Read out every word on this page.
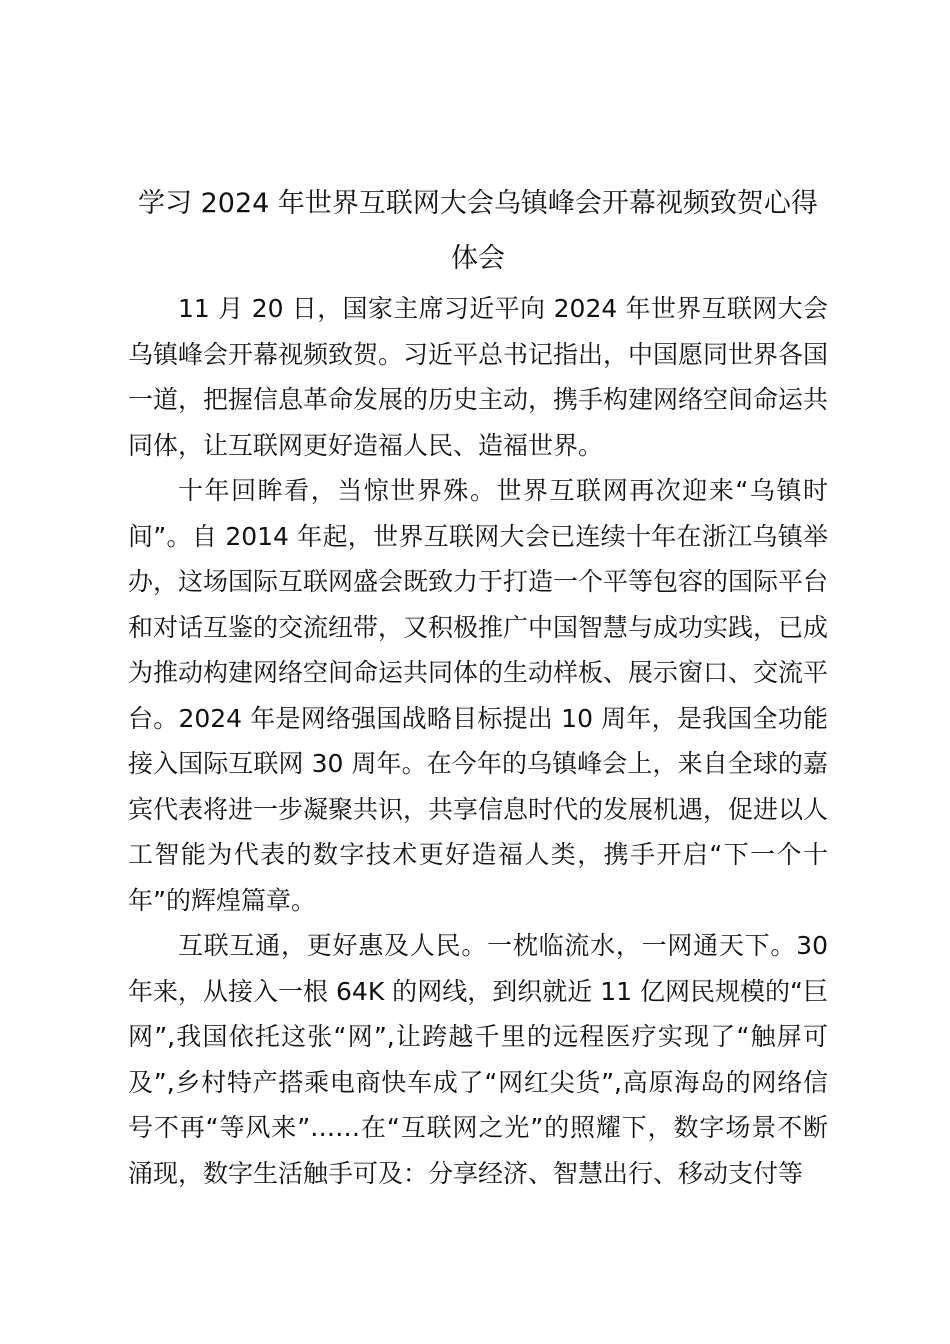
学习 2024 年世界互联网大会乌镇峰会开幕视频致贺心得体会

11 月 20 日，国家主席习近平向 2024 年世界互联网大会乌镇峰会开幕视频致贺。习近平总书记指出，中国愿同世界各国一道，把握信息革命发展的历史主动，携手构建网络空间命运共同体，让互联网更好造福人民、造福世界。

十年回眸看，当惊世界殊。世界互联网再次迎来“乌镇时间”。自 2014 年起，世界互联网大会已连续十年在浙江乌镇举办，这场国际互联网盛会既致力于打造一个平等包容的国际平台和对话互鉴的交流纽带，又积极推广中国智慧与成功实践，已成为推动构建网络空间命运共同体的生动样板、展示窗口、交流平台。2024 年是网络强国战略目标提出 10 周年，是我国全功能接入国际互联网 30 周年。在今年的乌镇峰会上，来自全球的嘉宾代表将进一步凝聚共识，共享信息时代的发展机遇，促进以人工智能为代表的数字技术更好造福人类，携手开启“下一个十年”的辉煌篇章。

互联互通，更好惠及人民。一枕临流水，一网通天下。30 年来，从接入一根 64K 的网线，到织就近 11 亿网民规模的“巨网”,我国依托这张“网”,让跨越千里的远程医疗实现了“触屏可及”,乡村特产搭乘电商快车成了“网红尖货”,高原海岛的网络信号不再“等风来”……在“互联网之光”的照耀下，数字场景不断涌现，数字生活触手可及：分享经济、智慧出行、移动支付等
